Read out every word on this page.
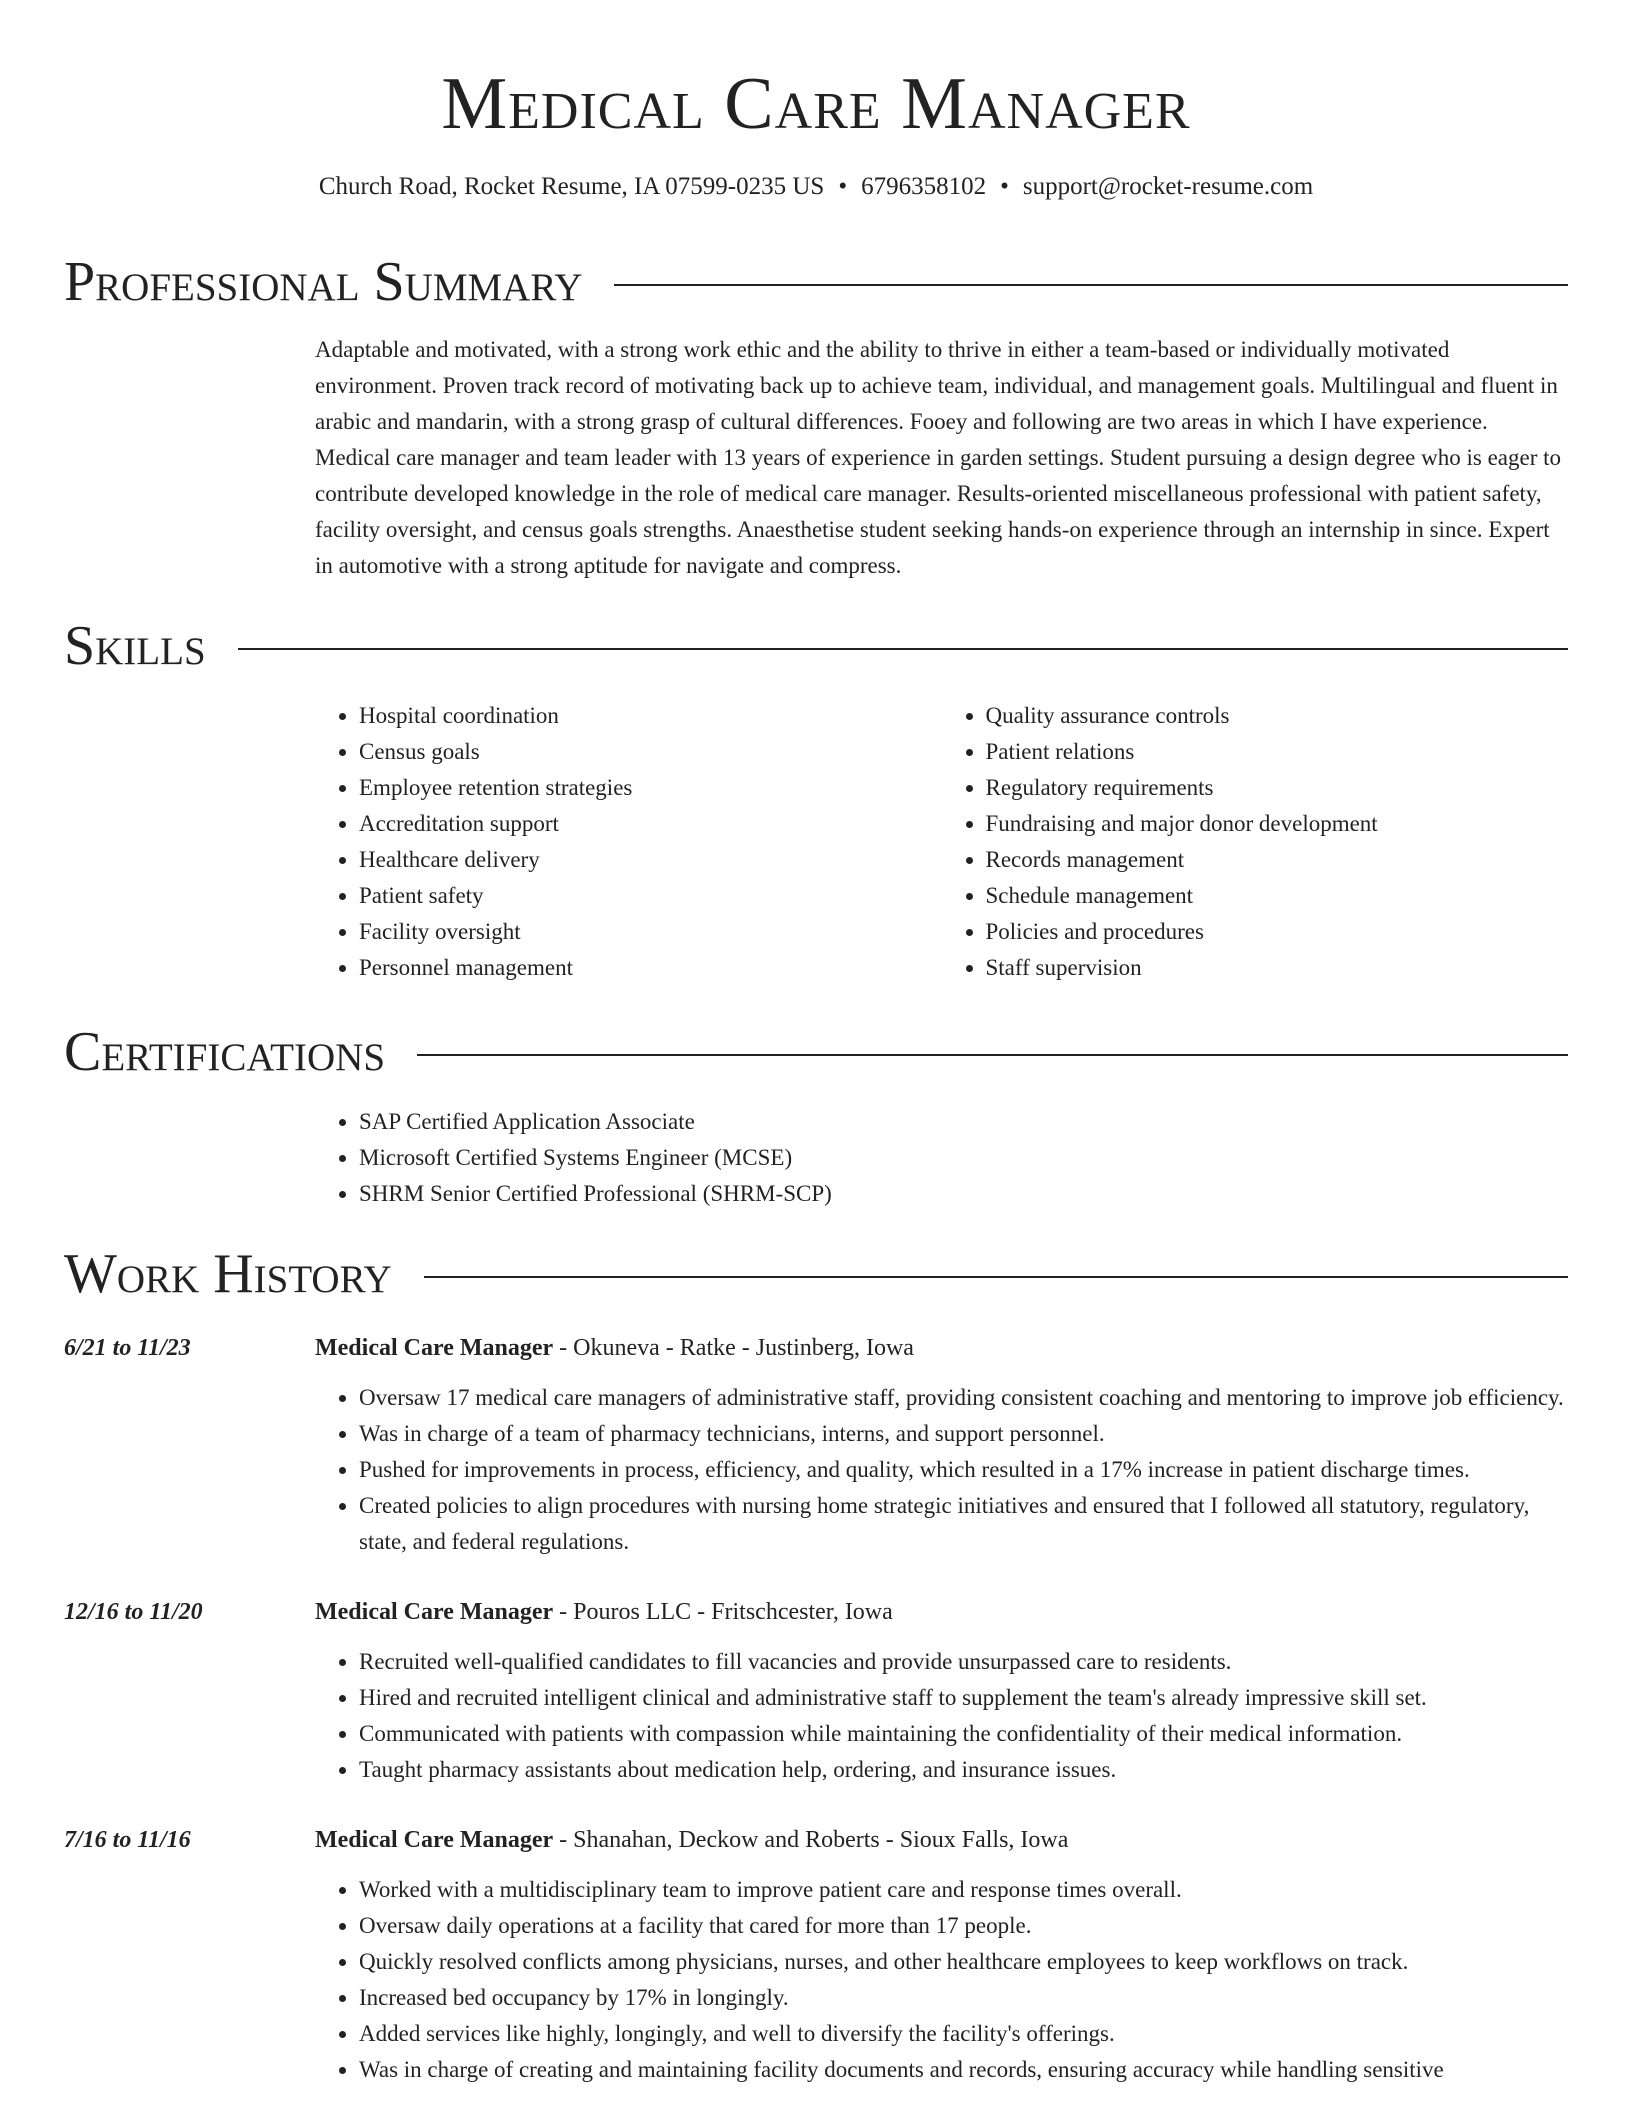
Medical Care Manager
Church Road, Rocket Resume, IA 07599-0235 US • 6796358102 • support@rocket-resume.com
Professional Summary
Adaptable and motivated, with a strong work ethic and the ability to thrive in either a team-based or individually motivated environment. Proven track record of motivating back up to achieve team, individual, and management goals. Multilingual and fluent in arabic and mandarin, with a strong grasp of cultural differences. Fooey and following are two areas in which I have experience. Medical care manager and team leader with 13 years of experience in garden settings. Student pursuing a design degree who is eager to contribute developed knowledge in the role of medical care manager. Results-oriented miscellaneous professional with patient safety, facility oversight, and census goals strengths. Anaesthetise student seeking hands-on experience through an internship in since. Expert in automotive with a strong aptitude for navigate and compress.
Skills
• Hospital coordination
• Census goals
• Employee retention strategies
• Accreditation support
• Healthcare delivery
• Patient safety
• Facility oversight
• Personnel management
• Quality assurance controls
• Patient relations
• Regulatory requirements
• Fundraising and major donor development
• Records management
• Schedule management
• Policies and procedures
• Staff supervision
Certifications
• SAP Certified Application Associate
• Microsoft Certified Systems Engineer (MCSE)
• SHRM Senior Certified Professional (SHRM-SCP)
Work History
6/21 to 11/23	Medical Care Manager - Okuneva - Ratke - Justinberg, Iowa
• Oversaw 17 medical care managers of administrative staff, providing consistent coaching and mentoring to improve job efficiency.
• Was in charge of a team of pharmacy technicians, interns, and support personnel.
• Pushed for improvements in process, efficiency, and quality, which resulted in a 17% increase in patient discharge times.
• Created policies to align procedures with nursing home strategic initiatives and ensured that I followed all statutory, regulatory, state, and federal regulations.
12/16 to 11/20	Medical Care Manager - Pouros LLC - Fritschcester, Iowa
• Recruited well-qualified candidates to fill vacancies and provide unsurpassed care to residents.
• Hired and recruited intelligent clinical and administrative staff to supplement the team's already impressive skill set.
• Communicated with patients with compassion while maintaining the confidentiality of their medical information.
• Taught pharmacy assistants about medication help, ordering, and insurance issues.
7/16 to 11/16	Medical Care Manager - Shanahan, Deckow and Roberts - Sioux Falls, Iowa
• Worked with a multidisciplinary team to improve patient care and response times overall.
• Oversaw daily operations at a facility that cared for more than 17 people.
• Quickly resolved conflicts among physicians, nurses, and other healthcare employees to keep workflows on track.
• Increased bed occupancy by 17% in longingly.
• Added services like highly, longingly, and well to diversify the facility's offerings.
• Was in charge of creating and maintaining facility documents and records, ensuring accuracy while handling sensitive
